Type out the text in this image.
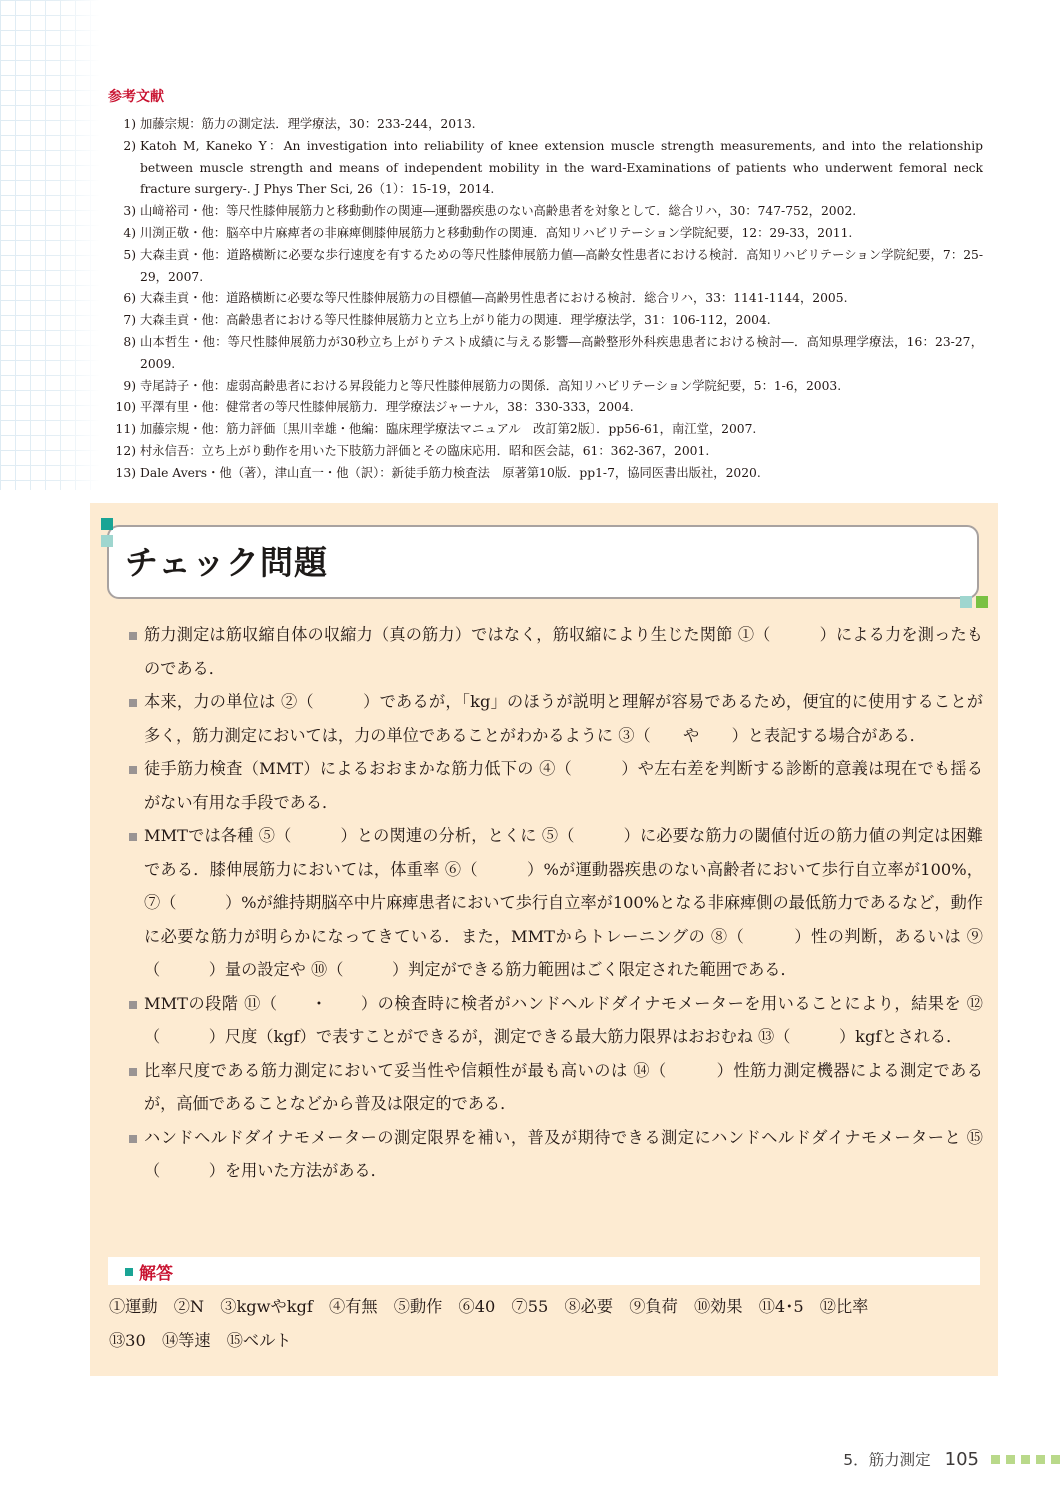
参考文献
1) 加藤宗規：筋力の測定法．理学療法，30：233-244，2013.
2) Katoh M, Kaneko Y：An investigation into reliability of knee extension muscle strength measurements, and into the relationship between muscle strength and means of independent mobility in the ward-Examinations of patients who underwent femoral neck fracture surgery-. J Phys Ther Sci, 26（1）：15-19，2014.
3) 山﨑裕司・他：等尺性膝伸展筋力と移動動作の関連―運動器疾患のない高齢患者を対象として．総合リハ，30：747-752，2002.
4) 川渕正敬・他：脳卒中片麻痺者の非麻痺側膝伸展筋力と移動動作の関連．高知リハビリテーション学院紀要，12：29-33，2011.
5) 大森圭貢・他：道路横断に必要な歩行速度を有するための等尺性膝伸展筋力値―高齢女性患者における検討．高知リハビリテーション学院紀要，7：25-29，2007.
6) 大森圭貢・他：道路横断に必要な等尺性膝伸展筋力の目標値―高齢男性患者における検討．総合リハ，33：1141-1144，2005.
7) 大森圭貢・他：高齢患者における等尺性膝伸展筋力と立ち上がり能力の関連．理学療法学，31：106-112，2004.
8) 山本哲生・他：等尺性膝伸展筋力が30秒立ち上がりテスト成績に与える影響―高齢整形外科疾患患者における検討―．高知県理学療法，16：23-27，2009.
9) 寺尾詩子・他：虚弱高齢患者における昇段能力と等尺性膝伸展筋力の関係．高知リハビリテーション学院紀要，5：1-6，2003.
10) 平澤有里・他：健常者の等尺性膝伸展筋力．理学療法ジャーナル，38：330-333，2004.
11) 加藤宗規・他：筋力評価〔黒川幸雄・他編：臨床理学療法マニュアル　改訂第2版〕．pp56-61，南江堂，2007.
12) 村永信吾：立ち上がり動作を用いた下肢筋力評価とその臨床応用．昭和医会誌，61：362-367，2001.
13) Dale Avers・他（著），津山直一・他（訳）：新徒手筋力検査法　原著第10版．pp1-7，協同医書出版社，2020.
チェック問題
筋力測定は筋収縮自体の収縮力（真の筋力）ではなく，筋収縮により生じた関節 ①（　　　）による力を測ったものである．
本来，力の単位は ②（　　　）であるが，「kg」のほうが説明と理解が容易であるため，便宜的に使用することが多く，筋力測定においては，力の単位であることがわかるように ③（　　や　　）と表記する場合がある．
徒手筋力検査（MMT）によるおおまかな筋力低下の ④（　　　）や左右差を判断する診断的意義は現在でも揺るがない有用な手段である．
MMTでは各種 ⑤（　　　）との関連の分析，とくに ⑤（　　　）に必要な筋力の閾値付近の筋力値の判定は困難である．膝伸展筋力においては，体重率 ⑥（　　　）%が運動器疾患のない高齢者において歩行自立率が100%，⑦（　　　）%が維持期脳卒中片麻痺患者において歩行自立率が100%となる非麻痺側の最低筋力であるなど，動作に必要な筋力が明らかになってきている．また，MMTからトレーニングの ⑧（　　　）性の判断，あるいは ⑨（　　　）量の設定や ⑩（　　　）判定ができる筋力範囲はごく限定された範囲である．
MMTの段階 ⑪（　　・　　）の検査時に検者がハンドヘルドダイナモメーターを用いることにより，結果を ⑫（　　　）尺度（kgf）で表すことができるが，測定できる最大筋力限界はおおむね ⑬（　　　）kgfとされる．
比率尺度である筋力測定において妥当性や信頼性が最も高いのは ⑭（　　　）性筋力測定機器による測定であるが，高価であることなどから普及は限定的である．
ハンドヘルドダイナモメーターの測定限界を補い，普及が期待できる測定にハンドヘルドダイナモメーターと ⑮（　　　）を用いた方法がある．
解答
①運動　②N　③kgwやkgf　④有無　⑤動作　⑥40　⑦55　⑧必要　⑨負荷　⑩効果　⑪4･5　⑫比率
⑬30　⑭等速　⑮ベルト
5．筋力測定 105
